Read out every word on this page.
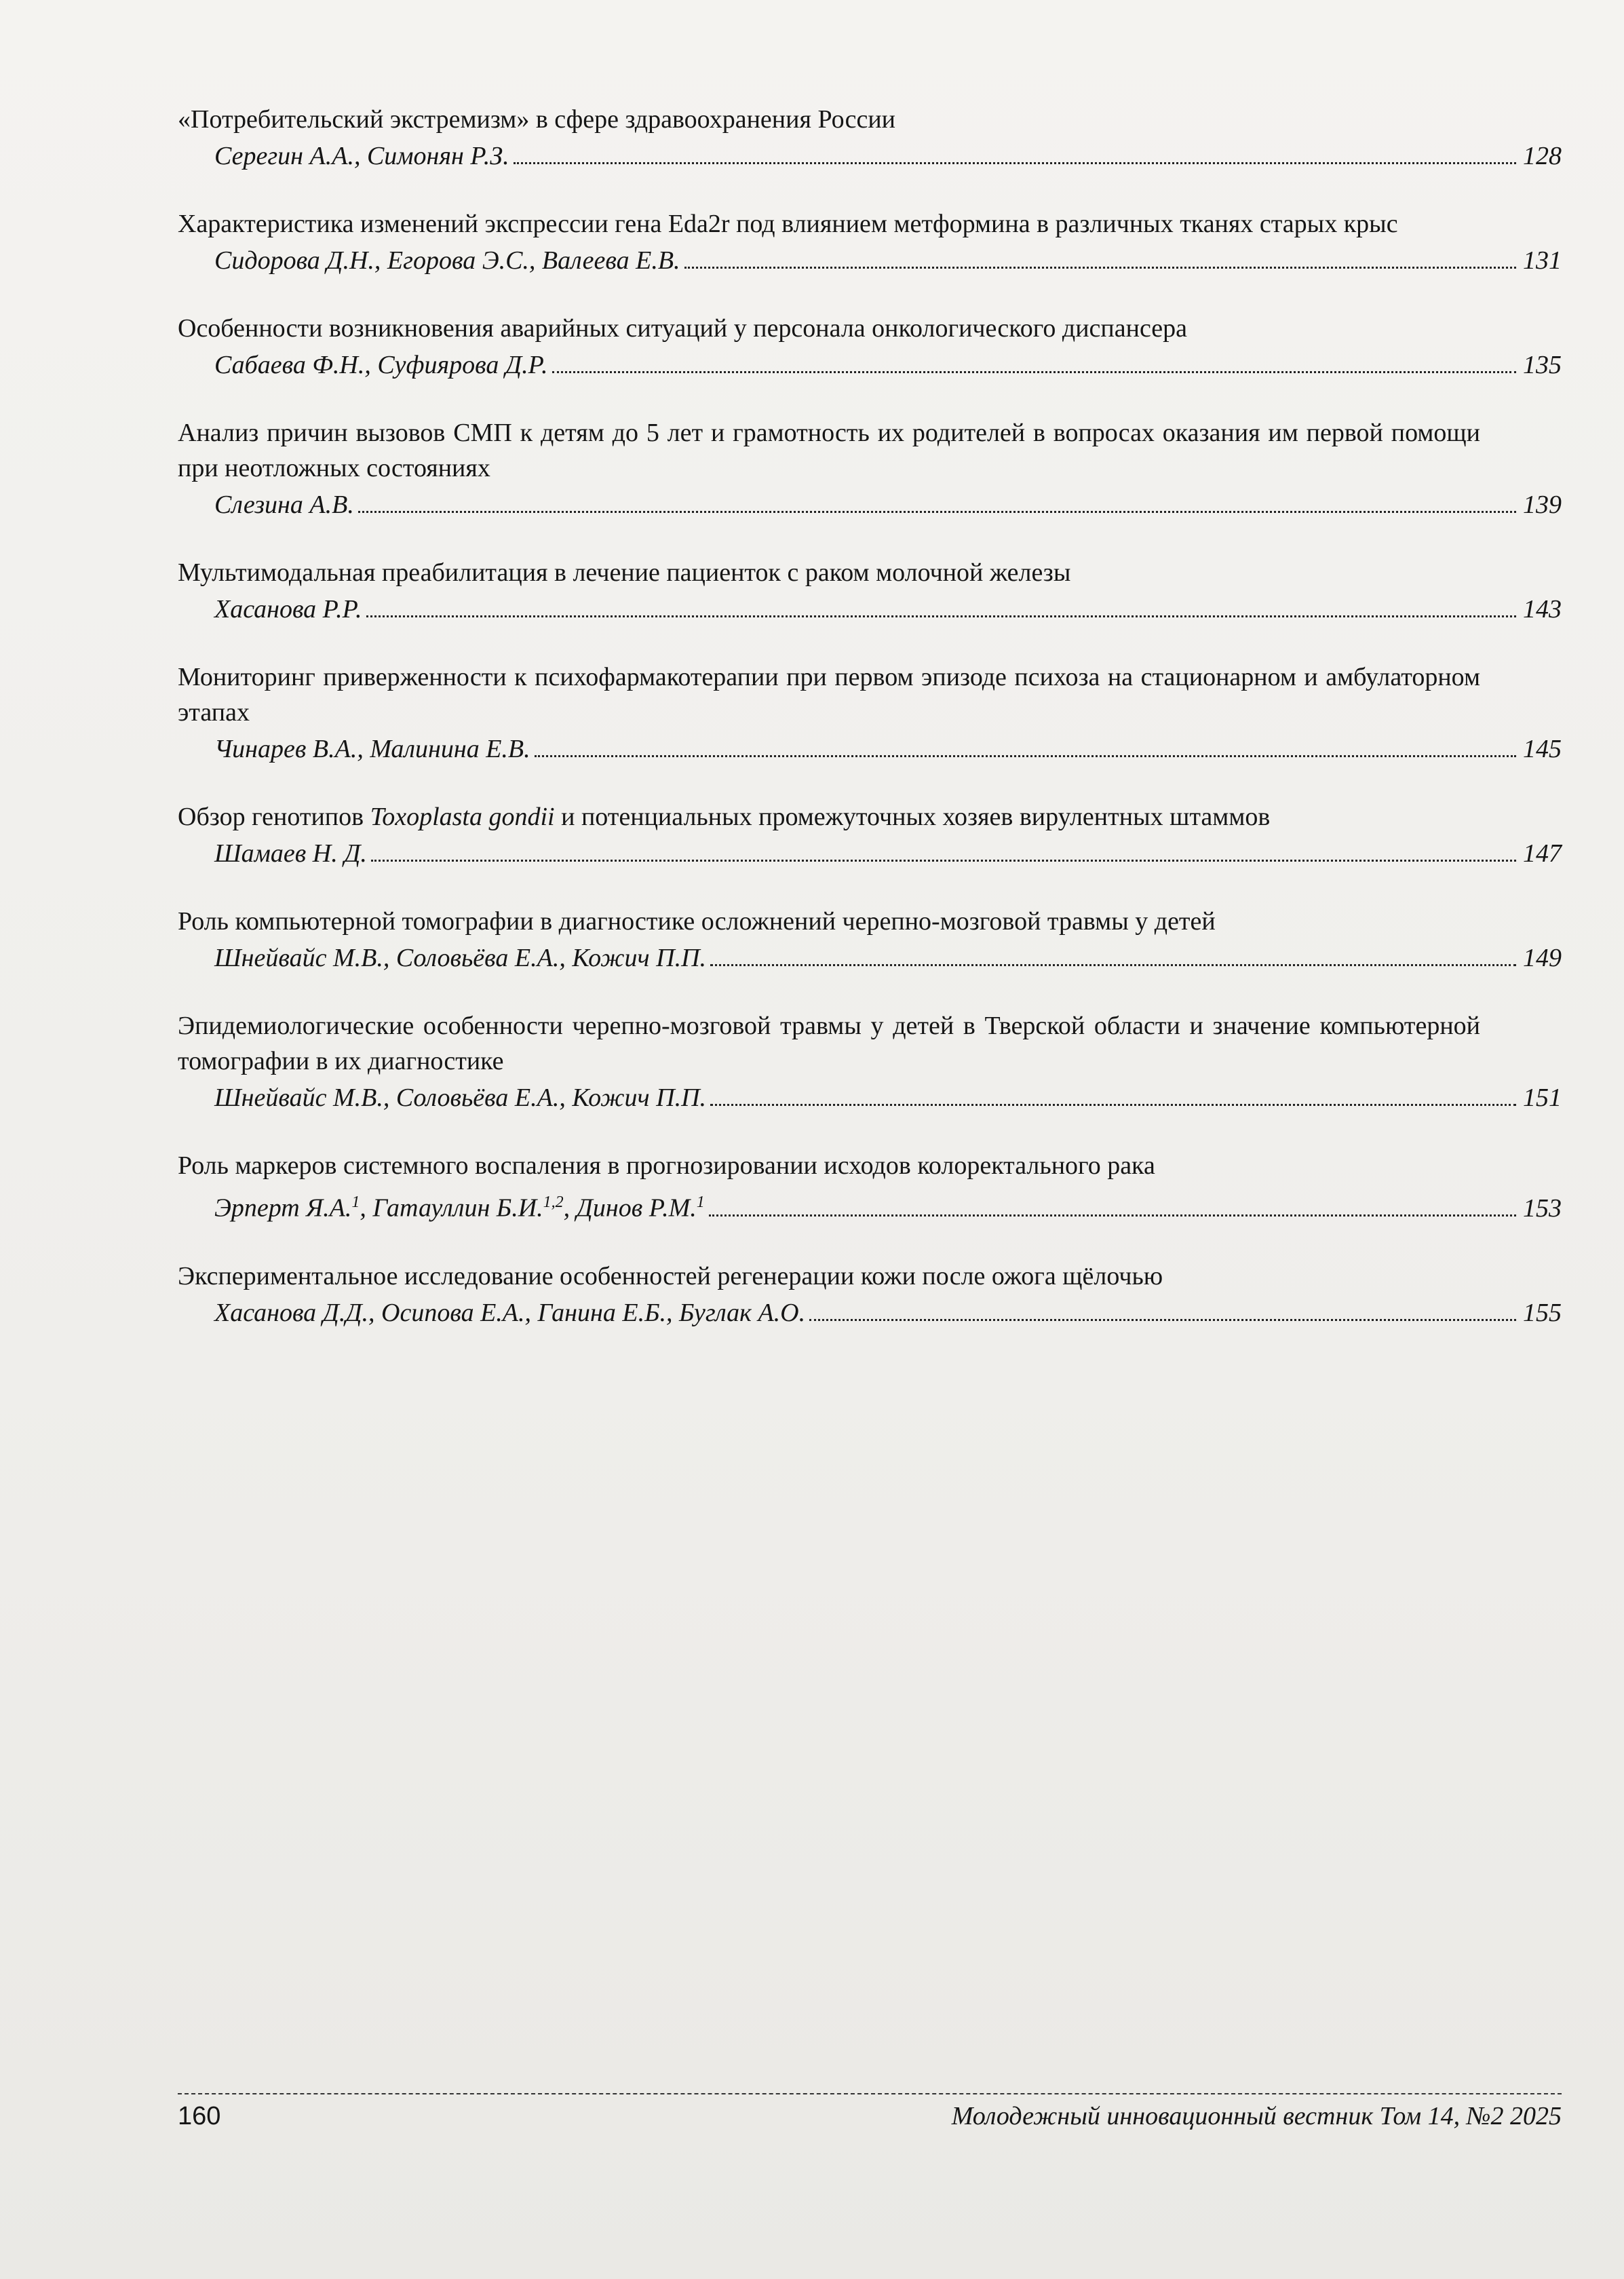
«Потребительский экстремизм» в сфере здравоохранения России

Серегин А.А., Симонян Р.З.	128

Характеристика изменений экспрессии гена Eda2r под влиянием метформина в различных тканях старых крыс

Сидорова Д.Н., Егорова Э.С., Валеева Е.В.	131

Особенности возникновения аварийных ситуаций у персонала онкологического диспансера

Сабаева Ф.Н., Суфиярова Д.Р.	135

Анализ причин вызовов СМП к детям до 5 лет и грамотность их родителей в вопросах оказания им первой помощи при неотложных состояниях

Слезина А.В.	139

Мультимодальная преабилитация в лечение пациенток с раком молочной железы

Хасанова Р.Р.	143

Мониторинг приверженности к психофармакотерапии при первом эпизоде психоза на стационарном и амбулаторном этапах

Чинарев В.А., Малинина Е.В.	145

Обзор генотипов Toxoplasta gondii и потенциальных промежуточных хозяев вирулентных штаммов

Шамаев Н. Д.	147

Роль компьютерной томографии в диагностике осложнений черепно-мозговой травмы у детей

Шнейвайс М.В., Соловьёва Е.А., Кожич П.П.	149

Эпидемиологические особенности черепно-мозговой травмы у детей в Тверской области и значение компьютерной томографии в их диагностике

Шнейвайс М.В., Соловьёва Е.А., Кожич П.П.	151

Роль маркеров системного воспаления в прогнозировании исходов колоректального рака

Эрперт Я.А.$^1$, Гатауллин Б.И.$^{1,2}$, Динов Р.М.$^1$	153

Экспериментальное исследование особенностей регенерации кожи после ожога щёлочью

Хасанова Д.Д., Осипова Е.А., Ганина Е.Б., Буглак А.О.	155
160	Молодежный инновационный вестник Том 14, №2 2025
